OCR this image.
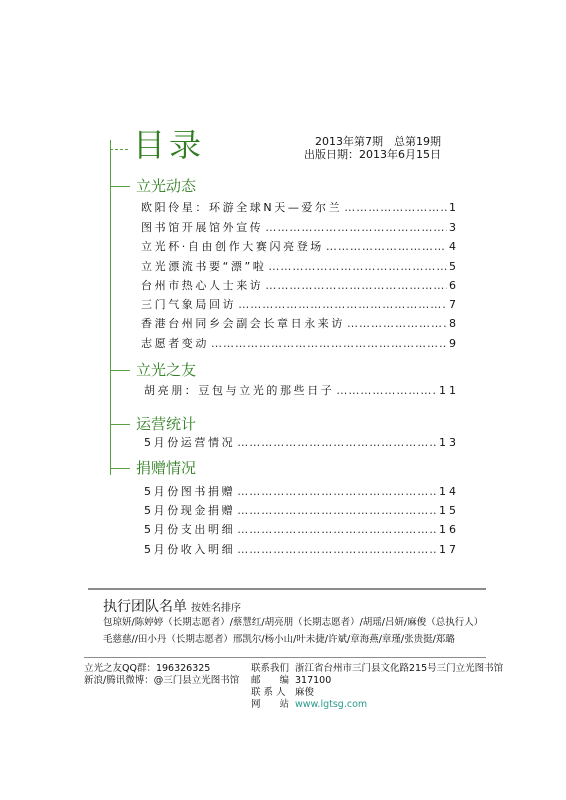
目录	2013年第7期　总第19期
出版日期：2013年6月15日
立光动态
欧阳伶星：环游全球N天—爱尔兰 ……………………………………………………………………………………………………	1
图书馆开展馆外宣传 ……………………………………………………………………………………………………	3
立光杯·自由创作大赛闪亮登场 ……………………………………………………………………………………………………	4
立光漂流书要“漂”啦 ……………………………………………………………………………………………………	5
台州市热心人士来访 ……………………………………………………………………………………………………	6
三门气象局回访 ……………………………………………………………………………………………………	7
香港台州同乡会副会长章日永来访 ……………………………………………………………………………………………………	8
志愿者变动 ……………………………………………………………………………………………………	9
立光之友
胡亮朋：豆包与立光的那些日子 ……………………………………………………………………………………………………	11
运营统计
5月份运营情况 ……………………………………………………………………………………………………	13
捐赠情况
5月份图书捐赠 ……………………………………………………………………………………………………	14
5月份现金捐赠 ……………………………………………………………………………………………………	15
5月份支出明细 ……………………………………………………………………………………………………	16
5月份收入明细 ……………………………………………………………………………………………………	17
执行团队名单 按姓名排序
包琼妍/陈婷婷（长期志愿者）/蔡慧红/胡亮朋（长期志愿者）/胡瑶/吕妍/麻俊（总执行人）
毛慈慈//田小丹（长期志愿者）邢凯尔/杨小山/叶未捷/许斌/章海燕/章瑾/张贵挺/郑璐
立光之友QQ群：196326325
新浪/腾讯微博：@三门县立光图书馆
联系我们 浙江省台州市三门县文化路215号三门立光图书馆
邮　　编 317100
联 系 人 麻俊
网　　站 www.lgtsg.com
